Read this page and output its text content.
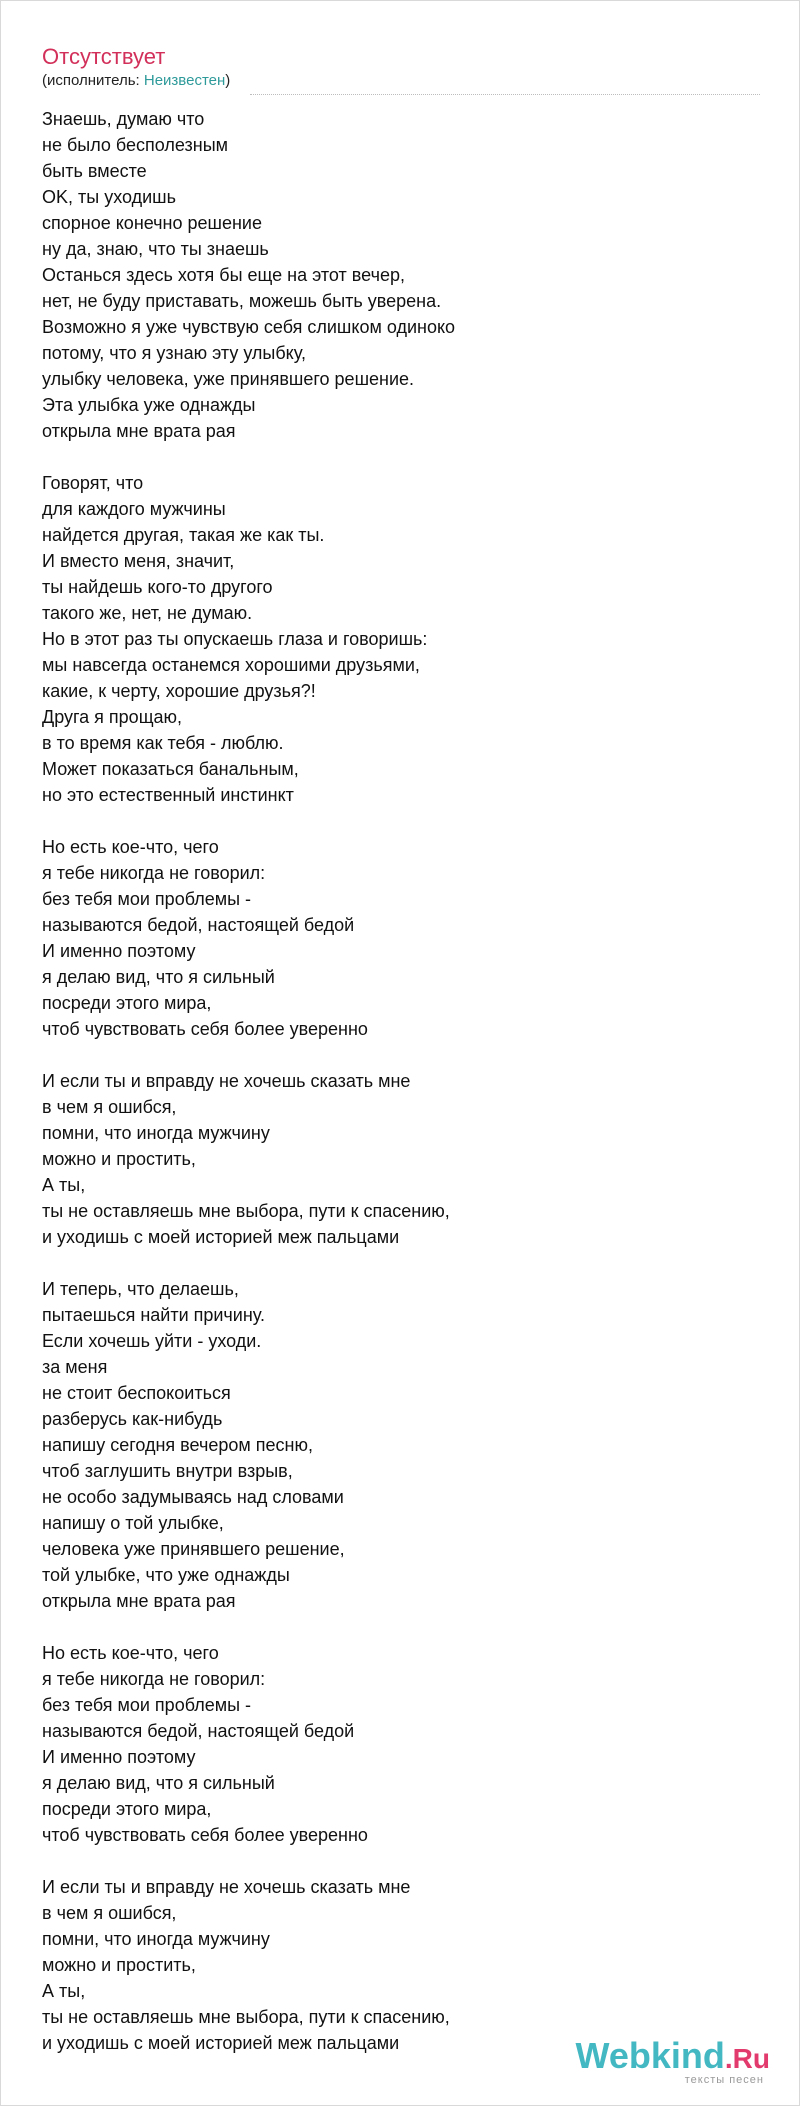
Отсутствует
(исполнитель: Неизвестен)
Знаешь, думаю что
не было бесполезным
быть вместе
OK, ты уходишь
спорное конечно решение
ну да, знаю, что ты знаешь
Останься здесь хотя бы еще на этот вечер,
нет, не буду приставать, можешь быть уверена.
Возможно я уже чувствую себя слишком одиноко
потому, что я узнаю эту улыбку,
улыбку человека, уже принявшего решение.
Эта улыбка уже однажды
открыла мне врата рая
Говорят, что
для каждого мужчины
найдется другая, такая же как ты.
И вместо меня, значит,
ты найдешь кого-то другого
такого же, нет, не думаю.
Но в этот раз ты опускаешь глаза и говоришь:
мы навсегда останемся хорошими друзьями,
какие, к черту, хорошие друзья?!
Друга я прощаю,
в то время как тебя - люблю.
Может показаться банальным,
но это естественный инстинкт
Но есть кое-что, чего
я тебе никогда не говорил:
без тебя мои проблемы -
называются бедой, настоящей бедой
И именно поэтому
я делаю вид, что я сильный
посреди этого мира,
чтоб чувствовать себя более уверенно
И если ты и вправду не хочешь сказать мне
в чем я ошибся,
помни, что иногда мужчину
можно и простить,
А ты,
ты не оставляешь мне выбора, пути к спасению,
и уходишь с моей историей меж пальцами
И теперь, что делаешь,
пытаешься найти причину.
Если хочешь уйти - уходи.
за меня
не стоит беспокоиться
разберусь как-нибудь
напишу сегодня вечером песню,
чтоб заглушить внутри взрыв,
не особо задумываясь над словами
напишу о той улыбке,
человека уже принявшего решение,
той улыбке, что уже однажды
открыла мне врата рая
Но есть кое-что, чего
я тебе никогда не говорил:
без тебя мои проблемы -
называются бедой, настоящей бедой
И именно поэтому
я делаю вид, что я сильный
посреди этого мира,
чтоб чувствовать себя более уверенно
И если ты и вправду не хочешь сказать мне
в чем я ошибся,
помни, что иногда мужчину
можно и простить,
А ты,
ты не оставляешь мне выбора, пути к спасению,
и уходишь с моей историей меж пальцами	Webkind.Ru
тексты песен
